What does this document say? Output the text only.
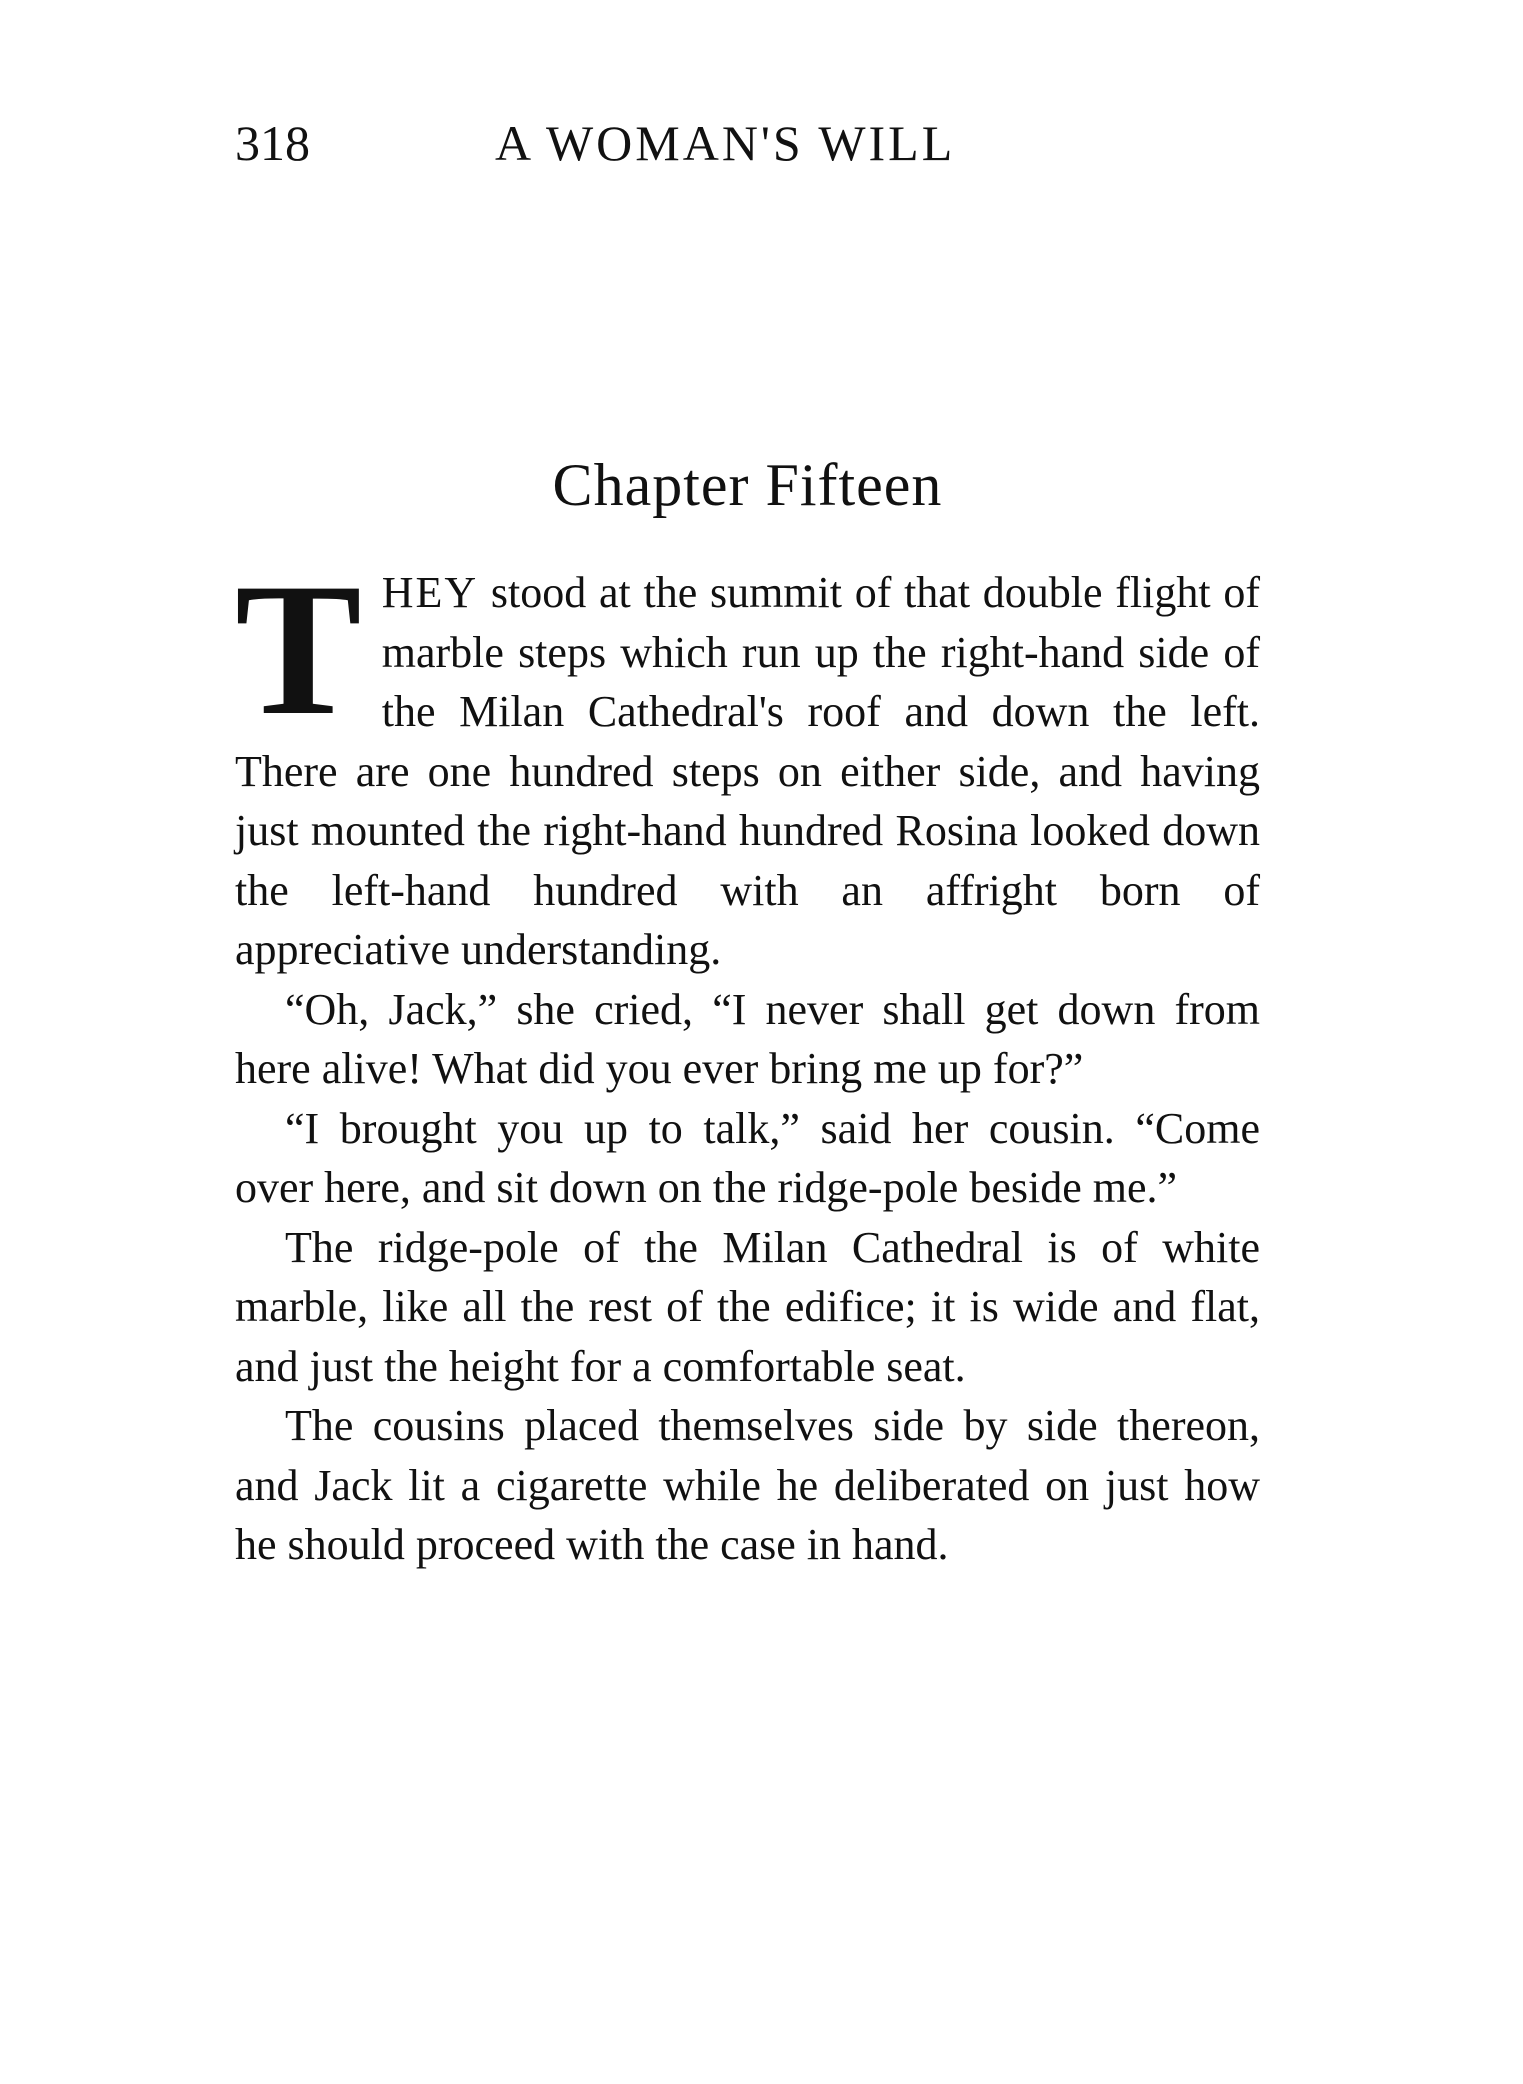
318	A WOMAN'S WILL
Chapter Fifteen

THEY stood at the summit of that double flight of marble steps which run up the right-hand side of the Milan Cathedral's roof and down the left. There are one hundred steps on either side, and having just mounted the right-hand hundred Rosina looked down the left-hand hundred with an affright born of appreciative understanding.

“Oh, Jack,” she cried, “I never shall get down from here alive! What did you ever bring me up for?”

“I brought you up to talk,” said her cousin. “Come over here, and sit down on the ridge-pole beside me.”

The ridge-pole of the Milan Cathedral is of white marble, like all the rest of the edifice; it is wide and flat, and just the height for a comfortable seat.

The cousins placed themselves side by side thereon, and Jack lit a cigarette while he deliberated on just how he should proceed with the case in hand.
